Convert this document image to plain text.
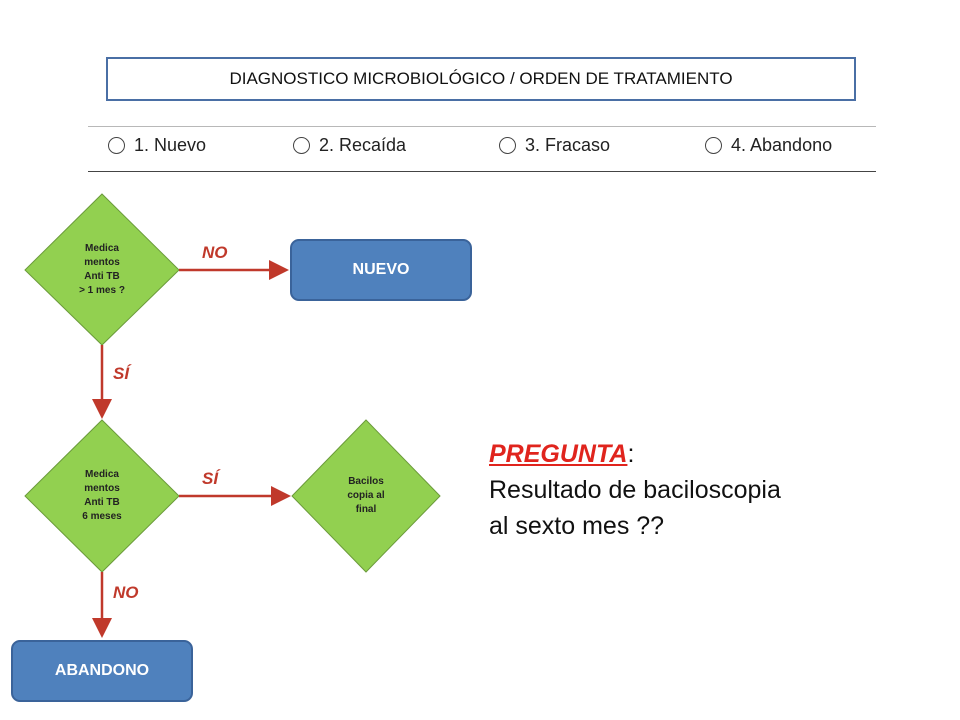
DIAGNOSTICO MICROBIOLÓGICO / ORDEN DE TRATAMIENTO
1. Nuevo	2. Recaída	3. Fracaso	4. Abandono
Medica
mentos
Anti TB
> 1 mes ?
Medica
mentos
Anti TB
6 meses
Bacilos
copia al
final
NO
SÍ
SÍ
NO
NUEVO
ABANDONO
PREGUNTA:
Resultado de baciloscopia
al sexto mes ??
